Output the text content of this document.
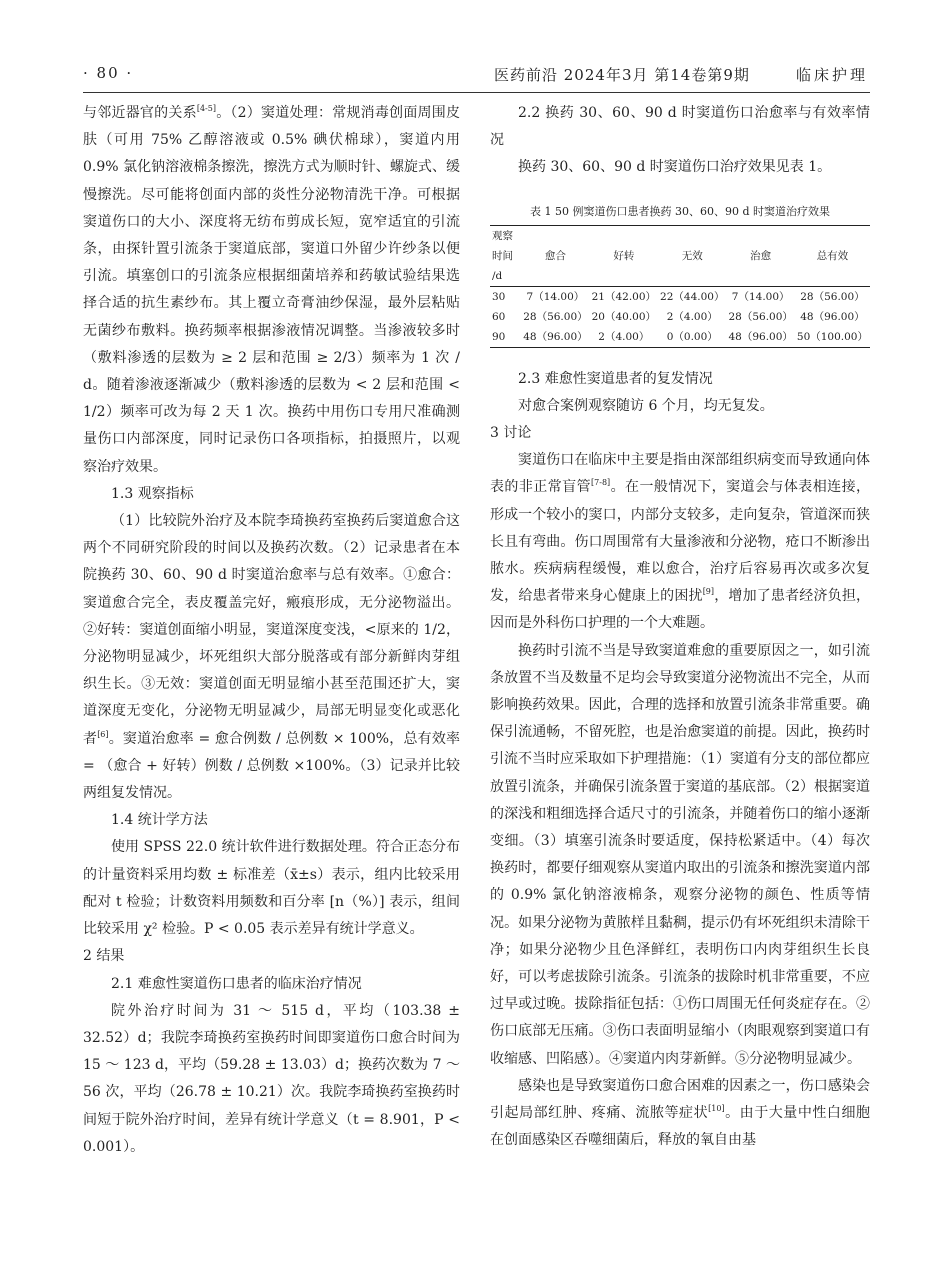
· 80 ·	医药前沿 2024年3月 第14卷第9期	临床护理

与邻近器官的关系[4-5]。（2）窦道处理：常规消毒创面周围皮肤（可用 75% 乙醇溶液或 0.5% 碘伏棉球），窦道内用 0.9% 氯化钠溶液棉条擦洗，擦洗方式为顺时针、螺旋式、缓慢擦洗。尽可能将创面内部的炎性分泌物清洗干净。可根据窦道伤口的大小、深度将无纺布剪成长短，宽窄适宜的引流条，由探针置引流条于窦道底部，窦道口外留少许纱条以便引流。填塞创口的引流条应根据细菌培养和药敏试验结果选择合适的抗生素纱布。其上覆立奇膏油纱保湿，最外层粘贴无菌纱布敷料。换药频率根据渗液情况调整。当渗液较多时（敷料渗透的层数为 ≥ 2 层和范围 ≥ 2/3）频率为 1 次 / d。随着渗液逐渐减少（敷料渗透的层数为 < 2 层和范围 < 1/2）频率可改为每 2 天 1 次。换药中用伤口专用尺准确测量伤口内部深度，同时记录伤口各项指标，拍摄照片，以观察治疗效果。

1.3 观察指标

（1）比较院外治疗及本院李琦换药室换药后窦道愈合这两个不同研究阶段的时间以及换药次数。（2）记录患者在本院换药 30、60、90 d 时窦道治愈率与总有效率。①愈合：窦道愈合完全，表皮覆盖完好，瘢痕形成，无分泌物溢出。②好转：窦道创面缩小明显，窦道深度变浅，<原来的 1/2，分泌物明显减少，坏死组织大部分脱落或有部分新鲜肉芽组织生长。③无效：窦道创面无明显缩小甚至范围还扩大，窦道深度无变化，分泌物无明显减少，局部无明显变化或恶化者[6]。窦道治愈率 = 愈合例数 / 总例数 × 100%，总有效率 = （愈合 + 好转）例数 / 总例数 ×100%。（3）记录并比较两组复发情况。

1.4 统计学方法

使用 SPSS 22.0 统计软件进行数据处理。符合正态分布的计量资料采用均数 ± 标准差（x̄±s）表示，组内比较采用配对 t 检验；计数资料用频数和百分率 [n（%）] 表示，组间比较采用 χ² 检验。P < 0.05 表示差异有统计学意义。

2 结果

2.1 难愈性窦道伤口患者的临床治疗情况

院外治疗时间为 31 ～ 515 d，平均（103.38 ± 32.52）d；我院李琦换药室换药时间即窦道伤口愈合时间为 15 ～ 123 d，平均（59.28 ± 13.03）d；换药次数为 7 ～ 56 次，平均（26.78 ± 10.21）次。我院李琦换药室换药时间短于院外治疗时间，差异有统计学意义（t = 8.901，P < 0.001）。

2.2 换药 30、60、90 d 时窦道伤口治愈率与有效率情况

换药 30、60、90 d 时窦道伤口治疗效果见表 1。

表 1 50 例窦道伤口患者换药 30、60、90 d 时窦道治疗效果
观察时间 /d	愈合	好转	无效	治愈	总有效
30	7（14.00）	21（42.00）	22（44.00）	7（14.00）	28（56.00）
60	28（56.00）	20（40.00）	2（4.00）	28（56.00）	48（96.00）
90	48（96.00）	2（4.00）	0（0.00）	48（96.00）	50（100.00）

2.3 难愈性窦道患者的复发情况

对愈合案例观察随访 6 个月，均无复发。

3 讨论

窦道伤口在临床中主要是指由深部组织病变而导致通向体表的非正常盲管[7-8]。在一般情况下，窦道会与体表相连接，形成一个较小的窦口，内部分支较多，走向复杂，管道深而狭长且有弯曲。伤口周围常有大量渗液和分泌物，疮口不断渗出脓水。疾病病程缓慢，难以愈合，治疗后容易再次或多次复发，给患者带来身心健康上的困扰[9]，增加了患者经济负担，因而是外科伤口护理的一个大难题。

换药时引流不当是导致窦道难愈的重要原因之一，如引流条放置不当及数量不足均会导致窦道分泌物流出不完全，从而影响换药效果。因此，合理的选择和放置引流条非常重要。确保引流通畅，不留死腔，也是治愈窦道的前提。因此，换药时引流不当时应采取如下护理措施：（1）窦道有分支的部位都应放置引流条，并确保引流条置于窦道的基底部。（2）根据窦道的深浅和粗细选择合适尺寸的引流条，并随着伤口的缩小逐渐变细。（3）填塞引流条时要适度，保持松紧适中。（4）每次换药时，都要仔细观察从窦道内取出的引流条和擦洗窦道内部的 0.9% 氯化钠溶液棉条，观察分泌物的颜色、性质等情况。如果分泌物为黄脓样且黏稠，提示仍有坏死组织未清除干净；如果分泌物少且色泽鲜红，表明伤口内肉芽组织生长良好，可以考虑拔除引流条。引流条的拔除时机非常重要，不应过早或过晚。拔除指征包括：①伤口周围无任何炎症存在。②伤口底部无压痛。③伤口表面明显缩小（肉眼观察到窦道口有收缩感、凹陷感）。④窦道内肉芽新鲜。⑤分泌物明显减少。

感染也是导致窦道伤口愈合困难的因素之一，伤口感染会引起局部红肿、疼痛、流脓等症状[10]。由于大量中性白细胞在创面感染区吞噬细菌后，释放的氧自由基
